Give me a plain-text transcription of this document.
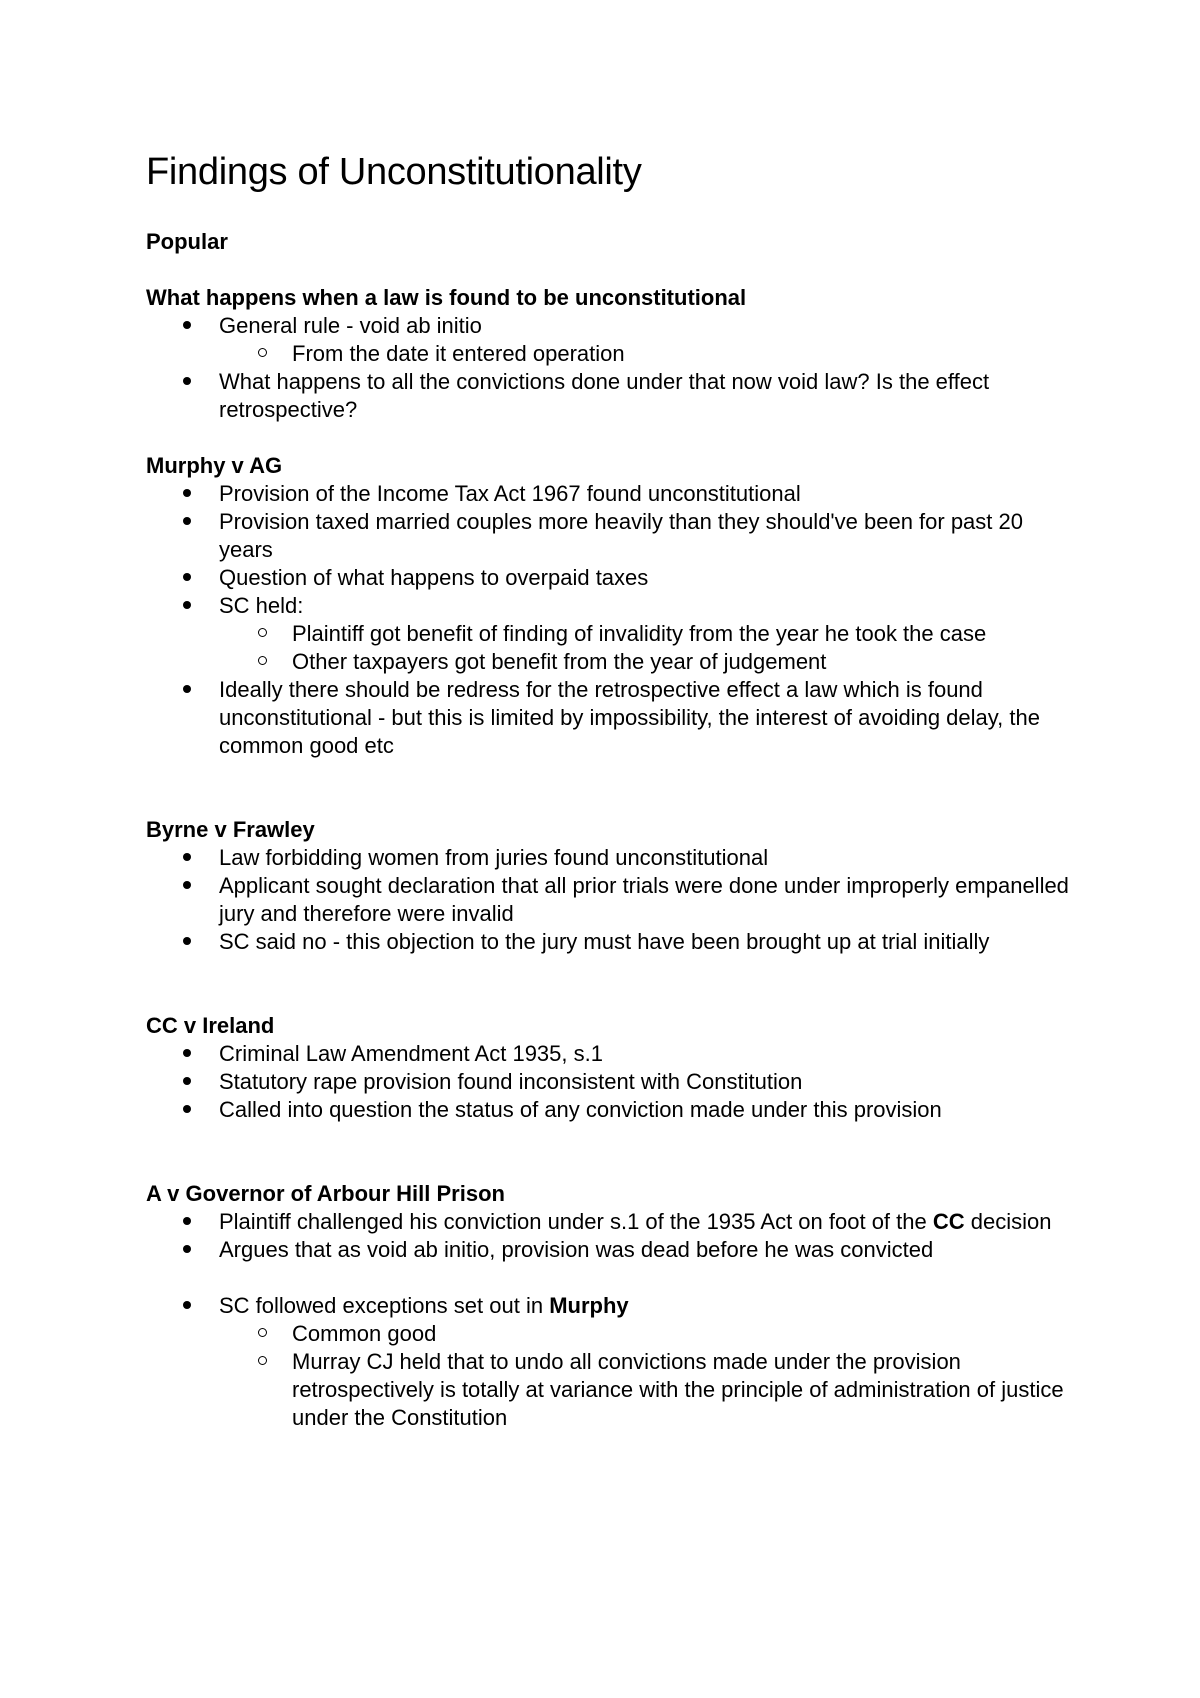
Findings of Unconstitutionality

Popular

What happens when a law is found to be unconstitutional

General rule - void ab initio
From the date it entered operation
What happens to all the convictions done under that now void law? Is the effect retrospective?

Murphy v AG

Provision of the Income Tax Act 1967 found unconstitutional
Provision taxed married couples more heavily than they should've been for past 20 years
Question of what happens to overpaid taxes
SC held:
Plaintiff got benefit of finding of invalidity from the year he took the case
Other taxpayers got benefit from the year of judgement
Ideally there should be redress for the retrospective effect a law which is found unconstitutional - but this is limited by impossibility, the interest of avoiding delay, the common good etc

Byrne v Frawley

Law forbidding women from juries found unconstitutional
Applicant sought declaration that all prior trials were done under improperly empanelled jury and therefore were invalid
SC said no - this objection to the jury must have been brought up at trial initially

CC v Ireland

Criminal Law Amendment Act 1935, s.1
Statutory rape provision found inconsistent with Constitution
Called into question the status of any conviction made under this provision

A v Governor of Arbour Hill Prison

Plaintiff challenged his conviction under s.1 of the 1935 Act on foot of the CC decision
Argues that as void ab initio, provision was dead before he was convicted
SC followed exceptions set out in Murphy
Common good
Murray CJ held that to undo all convictions made under the provision retrospectively is totally at variance with the principle of administration of justice under the Constitution
